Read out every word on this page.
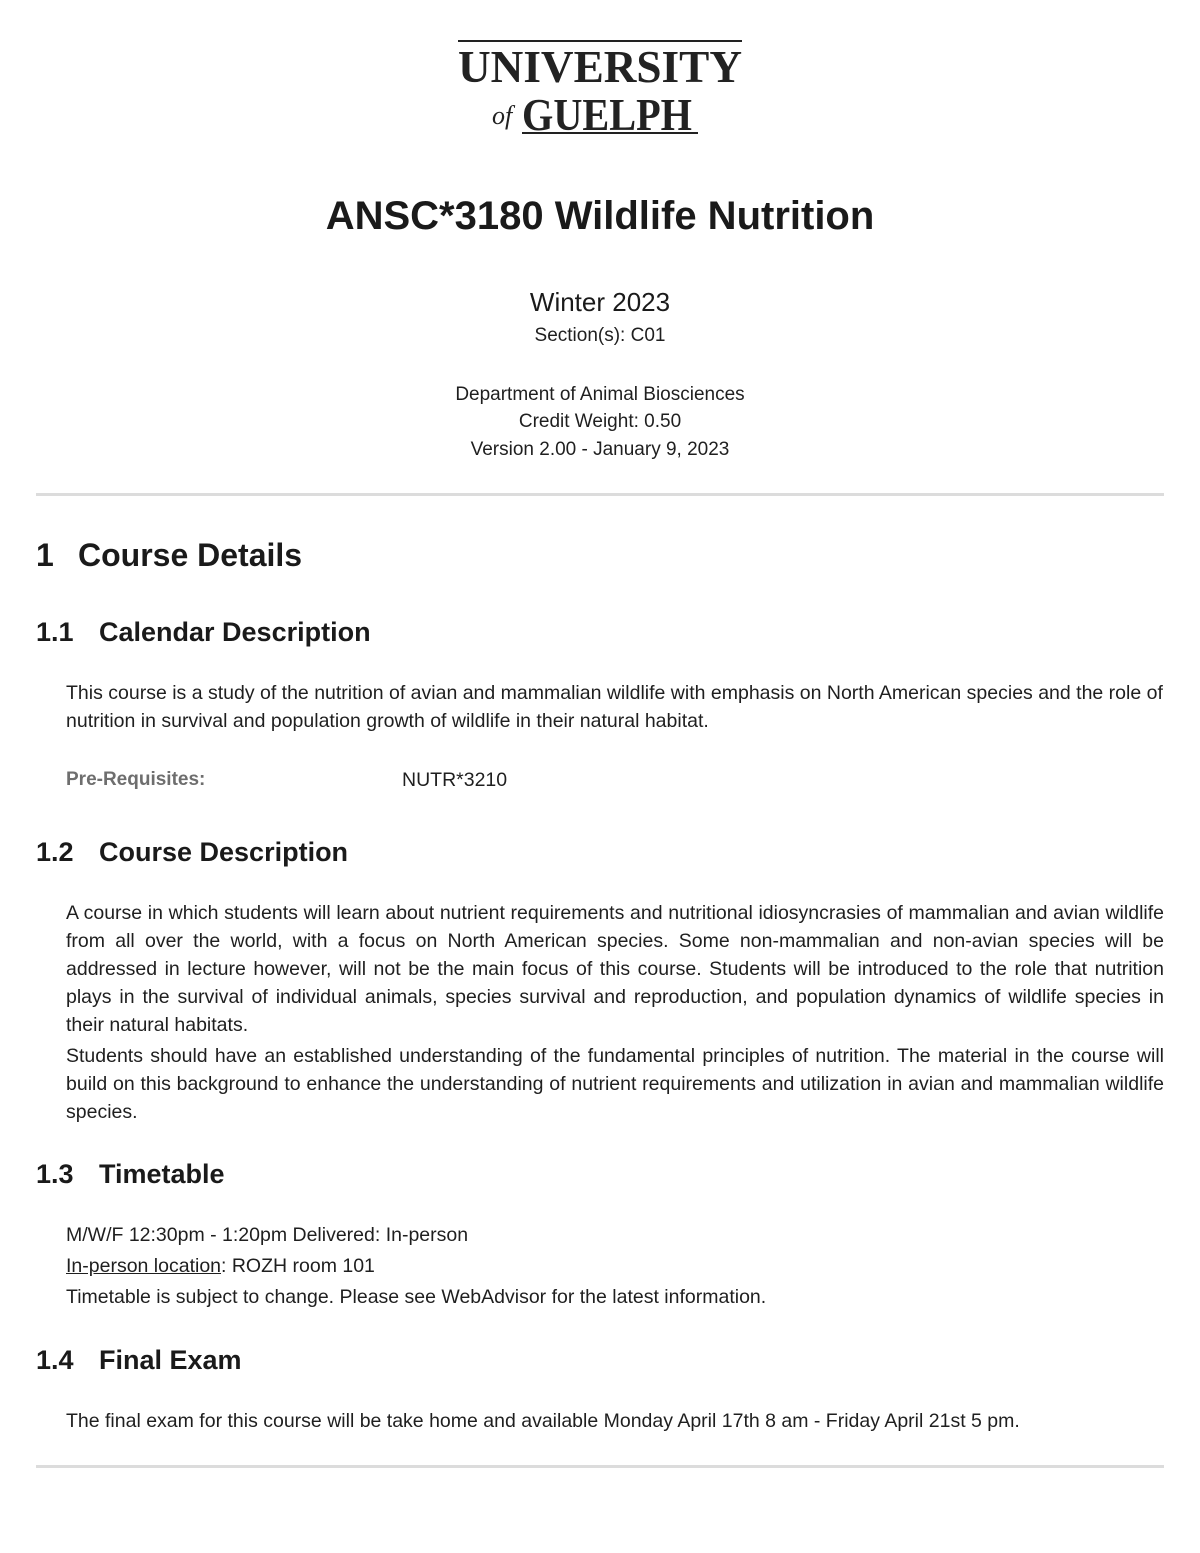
UNIVERSITY
of GUELPH
ANSC*3180 Wildlife Nutrition
Winter 2023
Section(s): C01
Department of Animal Biosciences
Credit Weight: 0.50
Version 2.00 - January 9, 2023
1 Course Details
1.1 Calendar Description

This course is a study of the nutrition of avian and mammalian wildlife with emphasis on North American species and the role of nutrition in survival and population growth of wildlife in their natural habitat.

Pre-Requisites:	NUTR*3210
1.2 Course Description

A course in which students will learn about nutrient requirements and nutritional idiosyncrasies of mammalian and avian wildlife from all over the world, with a focus on North American species. Some non-mammalian and non-avian species will be addressed in lecture however, will not be the main focus of this course. Students will be introduced to the role that nutrition plays in the survival of individual animals, species survival and reproduction, and population dynamics of wildlife species in their natural habitats.

Students should have an established understanding of the fundamental principles of nutrition. The material in the course will build on this background to enhance the understanding of nutrient requirements and utilization in avian and mammalian wildlife species.

1.3 Timetable
M/W/F 12:30pm - 1:20pm Delivered: In-person
In-person location: ROZH room 101
Timetable is subject to change. Please see WebAdvisor for the latest information.
1.4 Final Exam

The final exam for this course will be take home and available Monday April 17th 8 am - Friday April 21st 5 pm.
